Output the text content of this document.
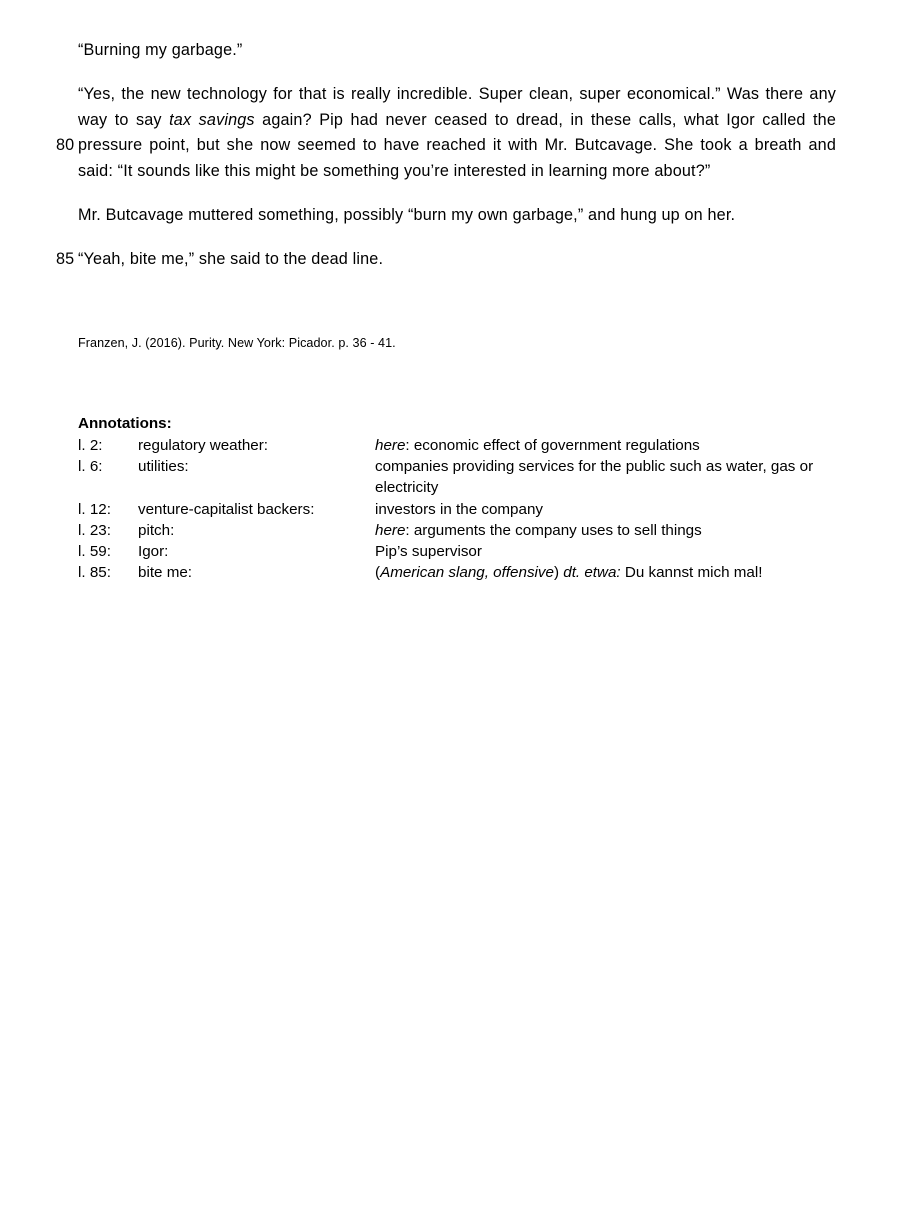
“Burning my garbage.”

80
“Yes, the new technology for that is really incredible. Super clean, super economical.” Was there any way to say tax savings again? Pip had never ceased to dread, in these calls, what Igor called the pressure point, but she now seemed to have reached it with Mr. Butcavage. She took a breath and said: “It sounds like this might be something you’re interested in learning more about?”

Mr. Butcavage muttered something, possibly “burn my own garbage,” and hung up on her.

85 “Yeah, bite me,” she said to the dead line.

Franzen, J. (2016). Purity. New York: Picador. p. 36 - 41.
Annotations:
l. 2:	regulatory weather:	here: economic effect of government regulations
l. 6:	utilities:	companies providing services for the public such as water, gas or electricity
l. 12:	venture-capitalist backers:	investors in the company
l. 23:	pitch:	here: arguments the company uses to sell things
l. 59:	Igor:	Pip’s supervisor
l. 85:	bite me:	(American slang, offensive) dt. etwa: Du kannst mich mal!
